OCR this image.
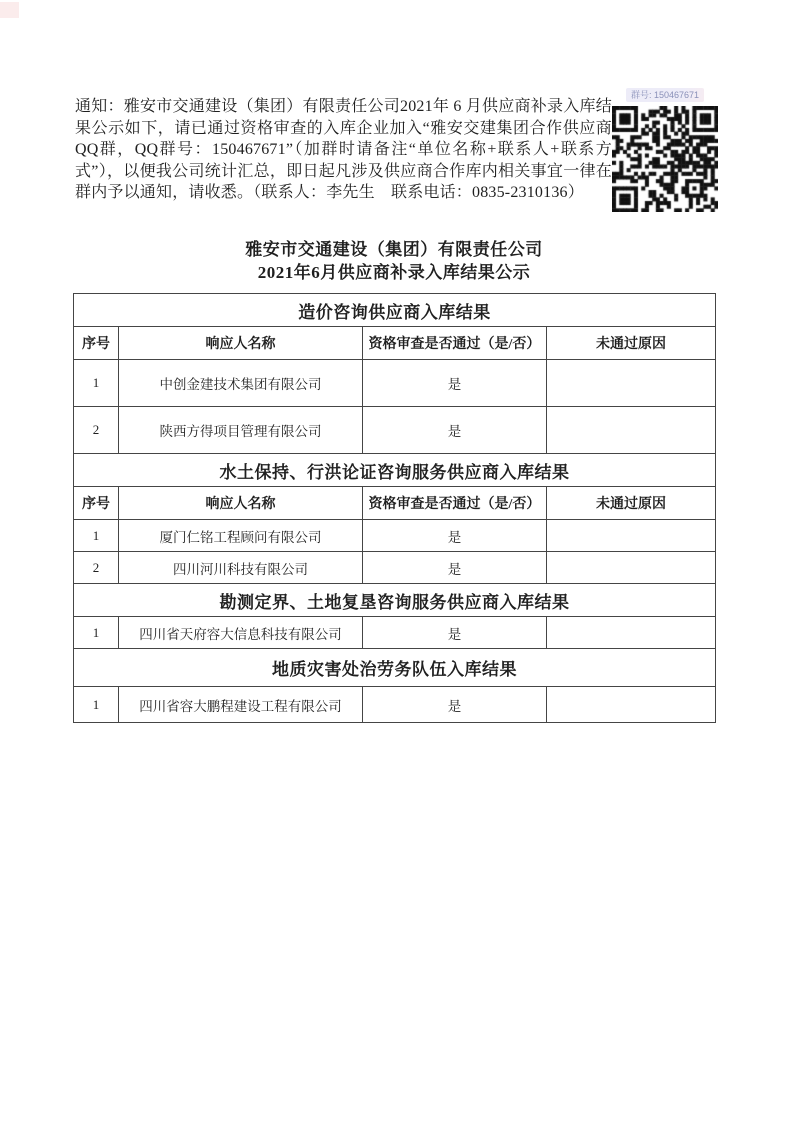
通知：雅安市交通建设（集团）有限责任公司2021年 6 月供应商补录入库结果公示如下，请已通过资格审查的入库企业加入“雅安交建集团合作供应商QQ群，QQ群号：150467671”（加群时请备注“单位名称+联系人+联系方式”），以便我公司统计汇总，即日起凡涉及供应商合作库内相关事宜一律在群内予以通知，请收悉。（联系人：李先生　联系电话：0835-2310136）

群号: 150467671
雅安市交通建设（集团）有限责任公司
2021年6月供应商补录入库结果公示
造价咨询供应商入库结果			
序号	响应人名称	资格审查是否通过（是/否）	未通过原因
1	中创金建技术集团有限公司	是	
2	陕西方得项目管理有限公司	是	
水土保持、行洪论证咨询服务供应商入库结果			
序号	响应人名称	资格审查是否通过（是/否）	未通过原因
1	厦门仁铭工程顾问有限公司	是	
2	四川河川科技有限公司	是	
勘测定界、土地复垦咨询服务供应商入库结果			
1	四川省天府容大信息科技有限公司	是	
地质灾害处治劳务队伍入库结果			
1	四川省容大鹏程建设工程有限公司	是	
